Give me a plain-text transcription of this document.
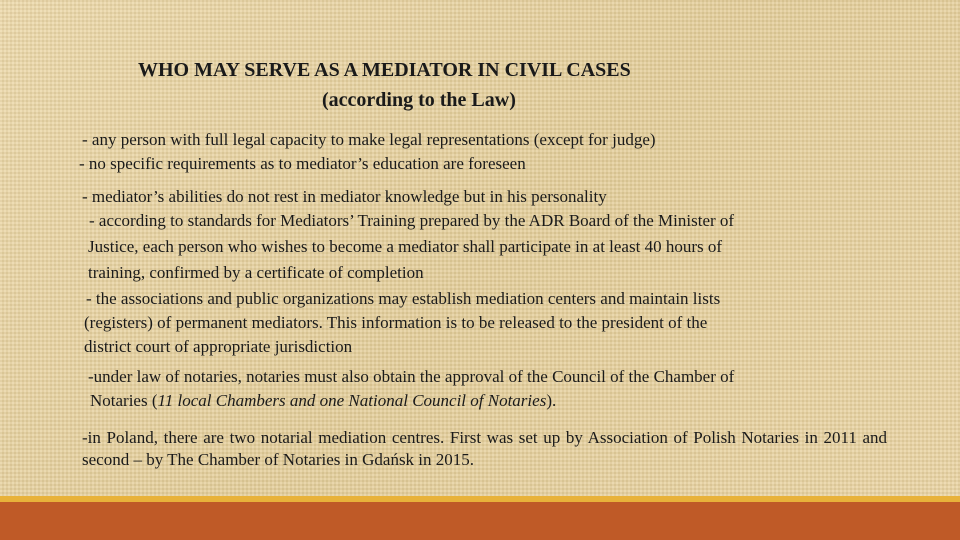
WHO MAY SERVE AS A MEDIATOR IN CIVIL CASES
(according to the Law)
- any person with full legal capacity to make legal representations (except for judge)
- no specific requirements as to mediator’s education are foreseen
- mediator’s abilities do not rest in mediator knowledge but in his personality
- according to standards for Mediators’ Training prepared by the ADR Board of the Minister of
Justice, each person who wishes to become a mediator shall participate in at least 40 hours of
training, confirmed by a certificate of completion
- the associations and public organizations may establish mediation centers and maintain lists
(registers) of permanent mediators. This information is to be released to the president of the
district court of appropriate jurisdiction
-under law of notaries, notaries must also obtain the approval of the Council of the Chamber of
Notaries (11 local Chambers and one National Council of Notaries).
-in Poland, there are two notarial mediation centres. First was set up by Association of Polish Notaries in 2011 and second – by The Chamber of Notaries in Gdańsk in 2015.
